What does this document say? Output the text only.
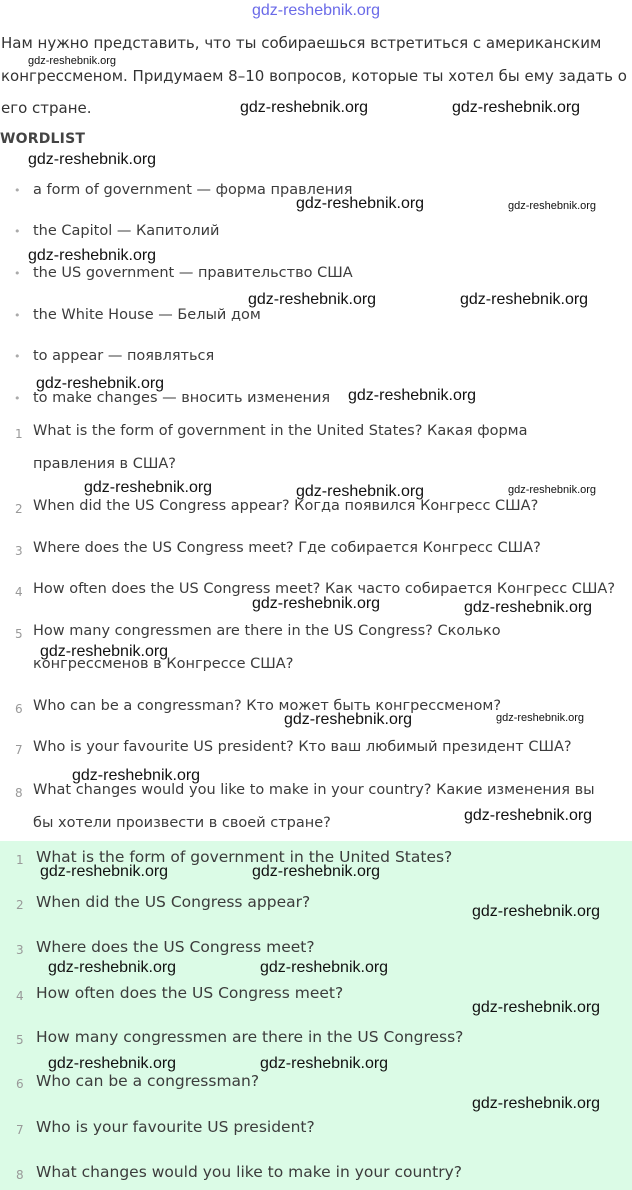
gdz-reshebnik.org
Нам нужно представить, что ты собираешься встретиться с американским
конгрессменом. Придумаем 8–10 вопросов, которые ты хотел бы ему задать о
его стране.
WORDLIST
• a form of government — форма правления
• the Capitol — Капитолий
• the US government — правительство США
• the White House — Белый дом
• to appear — появляться
• to make changes — вносить изменения
1 What is the form of government in the United States? Какая форма
правления в США?
2 When did the US Congress appear? Когда появился Конгресс США?
3 Where does the US Congress meet? Где собирается Конгресс США?
4 How often does the US Congress meet? Как часто собирается Конгресс США?
5 How many congressmen are there in the US Congress? Сколько
конгрессменов в Конгрессе США?
6 Who can be a congressman? Кто может быть конгрессменом?
7 Who is your favourite US president? Кто ваш любимый президент США?
8 What changes would you like to make in your country? Какие изменения вы
бы хотели произвести в своей стране?
1 What is the form of government in the United States?
2 When did the US Congress appear?
3 Where does the US Congress meet?
4 How often does the US Congress meet?
5 How many congressmen are there in the US Congress?
6 Who can be a congressman?
7 Who is your favourite US president?
8 What changes would you like to make in your country?
gdz-reshebnik.org
gdz-reshebnik.org	gdz-reshebnik.org
gdz-reshebnik.org
gdz-reshebnik.org	gdz-reshebnik.org
gdz-reshebnik.org
gdz-reshebnik.org	gdz-reshebnik.org
gdz-reshebnik.org
gdz-reshebnik.org
gdz-reshebnik.org	gdz-reshebnik.org	gdz-reshebnik.org
gdz-reshebnik.org	gdz-reshebnik.org
gdz-reshebnik.org
gdz-reshebnik.org	gdz-reshebnik.org
gdz-reshebnik.org
gdz-reshebnik.org
gdz-reshebnik.org	gdz-reshebnik.org
gdz-reshebnik.org
gdz-reshebnik.org	gdz-reshebnik.org
gdz-reshebnik.org
gdz-reshebnik.org	gdz-reshebnik.org
gdz-reshebnik.org
